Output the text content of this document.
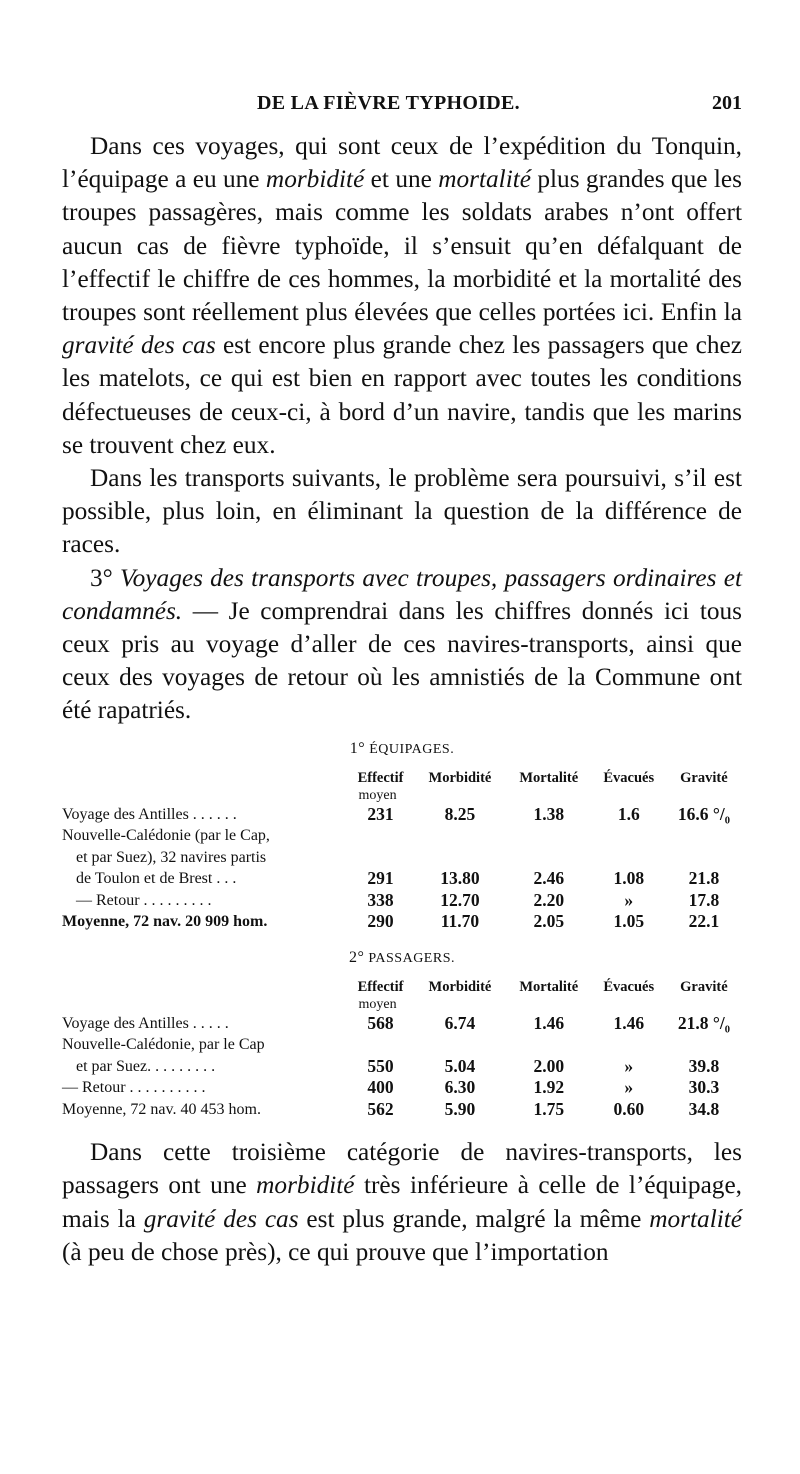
DE LA FIÈVRE TYPHOIDE.	201

Dans ces voyages, qui sont ceux de l’expédition du Tonquin, l’équipage a eu une morbidité et une mortalité plus grandes que les troupes passagères, mais comme les soldats arabes n’ont offert aucun cas de fièvre typhoïde, il s’ensuit qu’en défalquant de l’effectif le chiffre de ces hommes, la morbidité et la mortalité des troupes sont réellement plus élevées que celles portées ici. Enfin la gravité des cas est encore plus grande chez les passagers que chez les matelots, ce qui est bien en rapport avec toutes les conditions défectueuses de ceux-ci, à bord d’un navire, tandis que les marins se trouvent chez eux.

Dans les transports suivants, le problème sera poursuivi, s’il est possible, plus loin, en éliminant la question de la différence de races.

3° Voyages des transports avec troupes, passagers ordinaires et condamnés. — Je comprendrai dans les chiffres donnés ici tous ceux pris au voyage d’aller de ces navires-transports, ainsi que ceux des voyages de retour où les amnistiés de la Commune ont été rapatriés.

1° ÉQUIPAGES.
	Effectif
moyen	Morbidité	Mortalité	Évacués	Gravité
Voyage des Antilles . . . . . .	231	8.25	1.38	1.6	16.6 °/₀

Nouvelle-Calédonie (par le Cap,
et par Suez), 32 navires partis
de Toulon et de Brest . . .	291	13.80	2.46	1.08	21.8
— Retour . . . . . . . . .	338	12.70	2.20	»	17.8
Moyenne, 72 nav. 20 909 hom.	290	11.70	2.05	1.05	22.1
2° PASSAGERS.
	Effectif
moyen	Morbidité	Mortalité	Évacués	Gravité
Voyage des Antilles . . . . .	568	6.74	1.46	1.46	21.8 °/₀

Nouvelle-Calédonie, par le Cap
et par Suez. . . . . . . . .	550	5.04	2.00	»	39.8
— Retour . . . . . . . . . .	400	6.30	1.92	»	30.3
Moyenne, 72 nav. 40 453 hom.	562	5.90	1.75	0.60	34.8

Dans cette troisième catégorie de navires-transports, les passagers ont une morbidité très inférieure à celle de l’équipage, mais la gravité des cas est plus grande, malgré la même mortalité (à peu de chose près), ce qui prouve que l’importation
